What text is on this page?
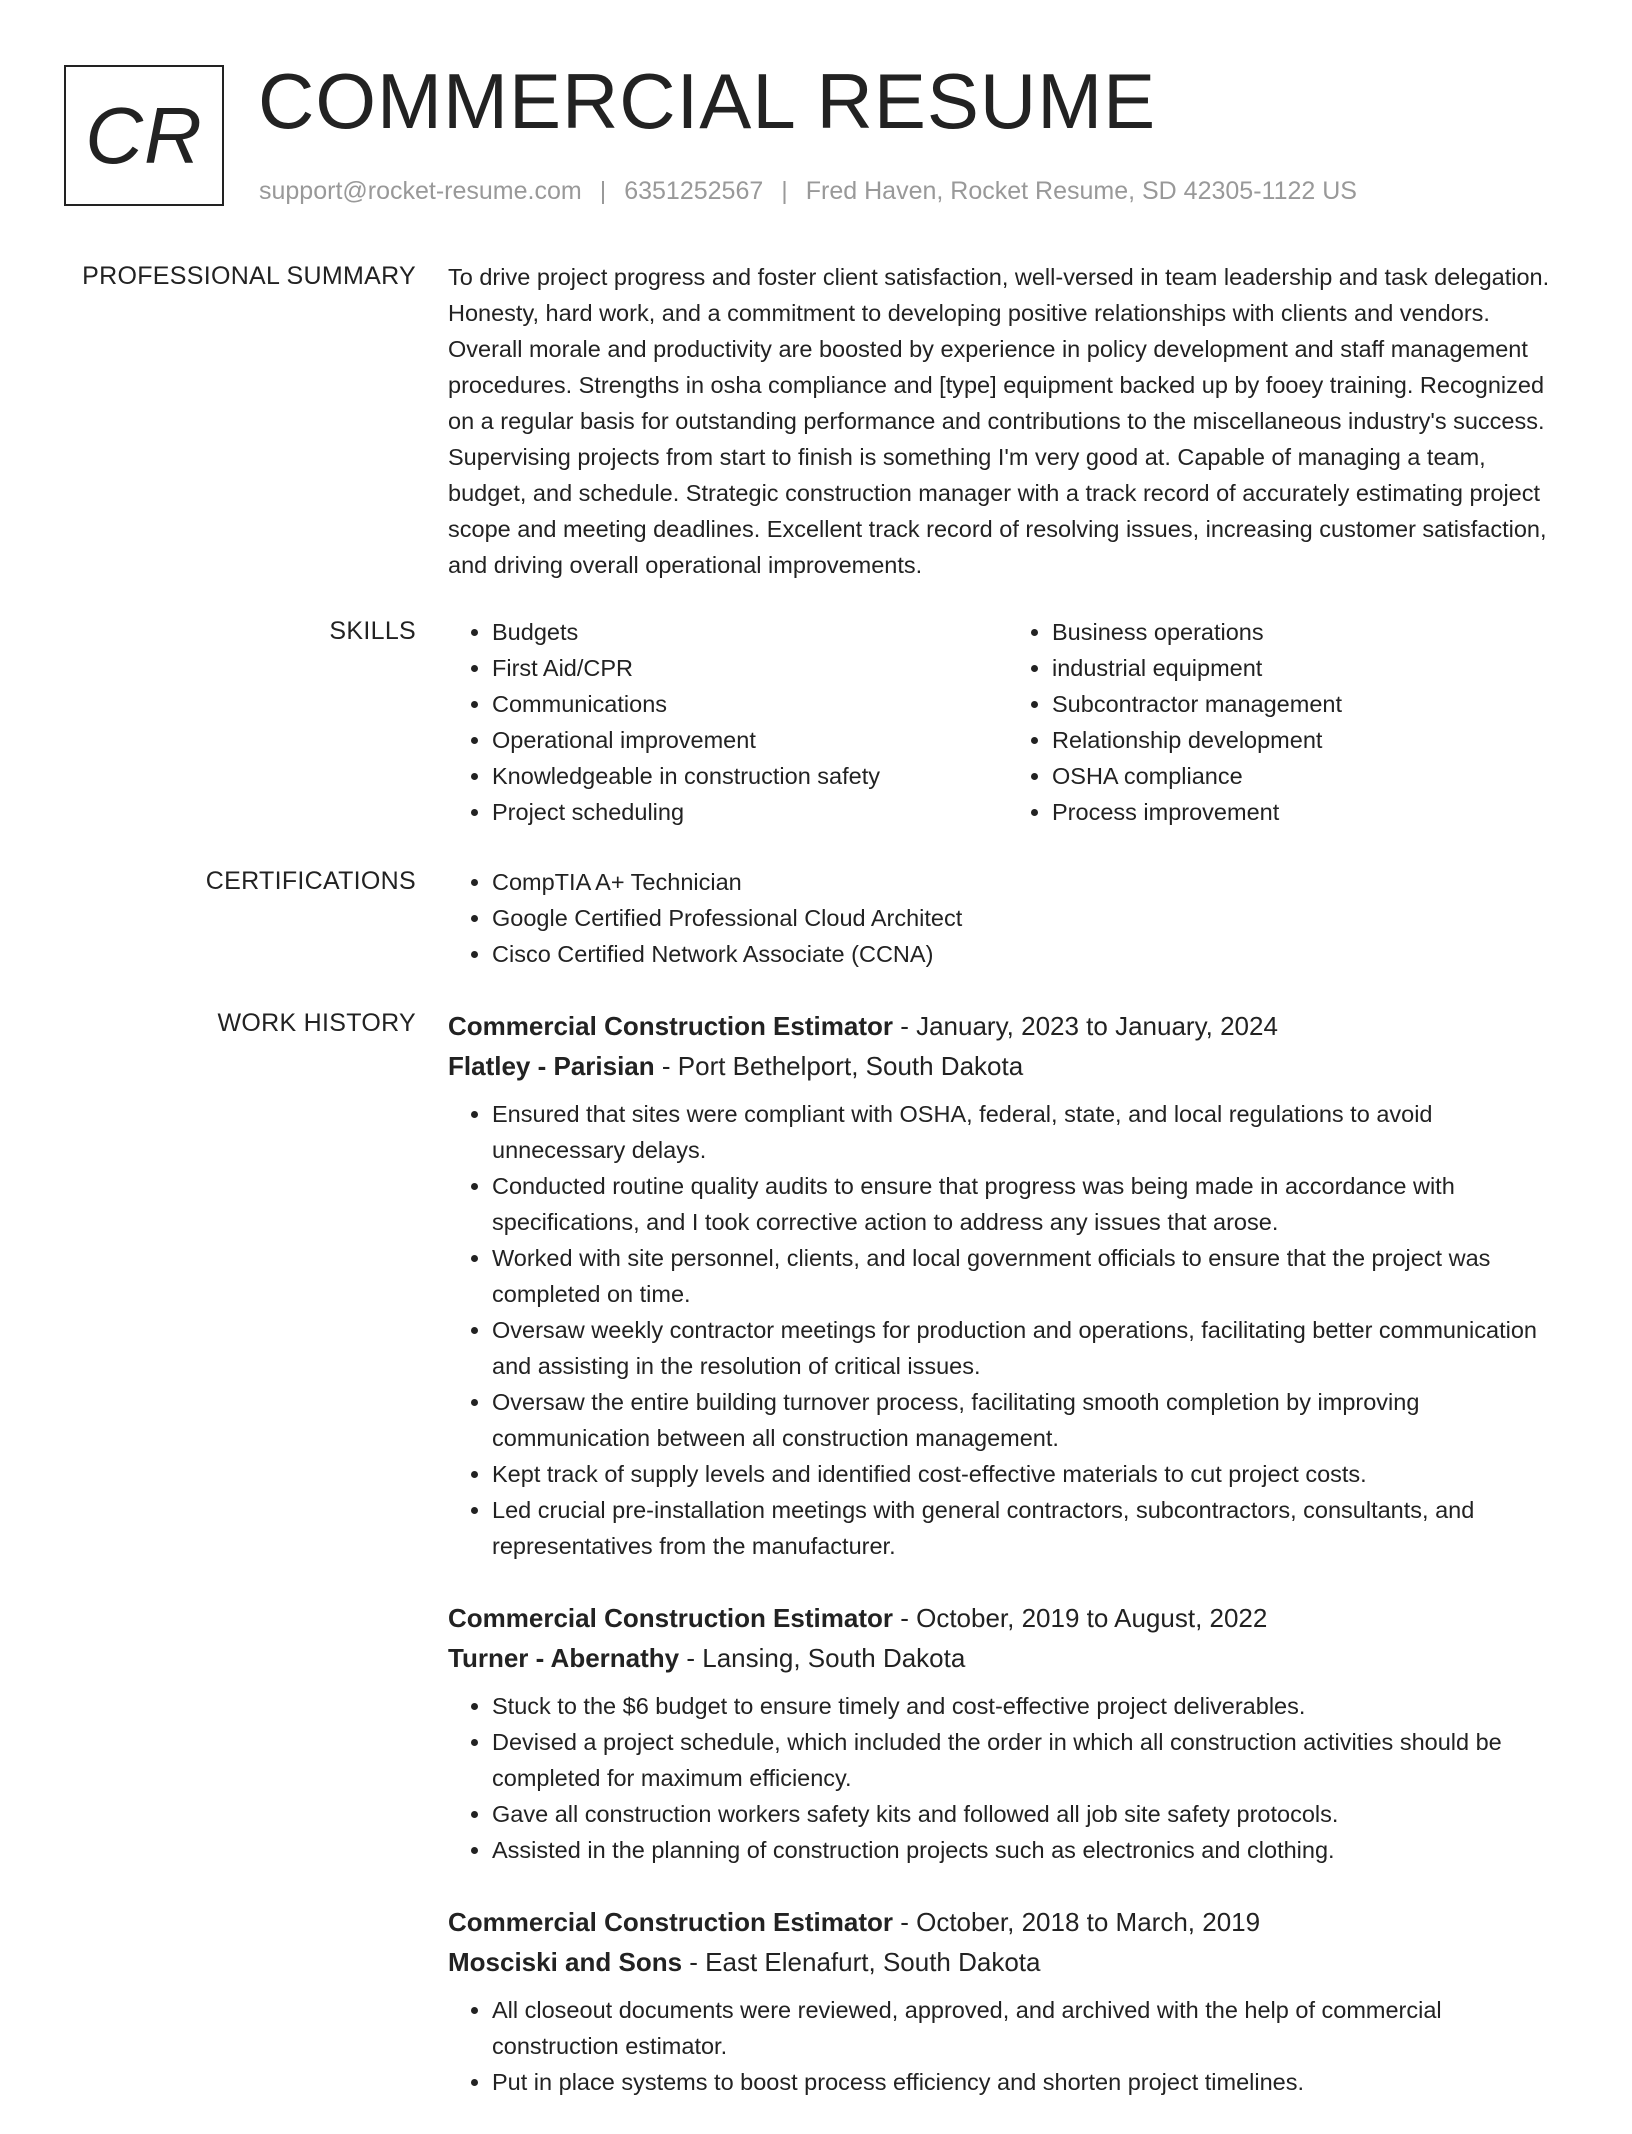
CR COMMERCIAL RESUME
support@rocket-resume.com | 6351252567 | Fred Haven, Rocket Resume, SD 42305-1122 US
PROFESSIONAL SUMMARY To drive project progress and foster client satisfaction, well-versed in team leadership and task delegation. Honesty, hard work, and a commitment to developing positive relationships with clients and vendors. Overall morale and productivity are boosted by experience in policy development and staff management procedures. Strengths in osha compliance and [type] equipment backed up by fooey training. Recognized on a regular basis for outstanding performance and contributions to the miscellaneous industry's success. Supervising projects from start to finish is something I'm very good at. Capable of managing a team, budget, and schedule. Strategic construction manager with a track record of accurately estimating project scope and meeting deadlines. Excellent track record of resolving issues, increasing customer satisfaction, and driving overall operational improvements.

SKILLS	• Budgets
• First Aid/CPR
• Communications
• Operational improvement
• Knowledgeable in construction safety
• Project scheduling
• Business operations
• industrial equipment
• Subcontractor management
• Relationship development
• OSHA compliance
• Process improvement
CERTIFICATIONS	• CompTIA A+ Technician
• Google Certified Professional Cloud Architect
• Cisco Certified Network Associate (CCNA)
WORK HISTORY Commercial Construction Estimator - January, 2023 to January, 2024
Flatley - Parisian - Port Bethelport, South Dakota
• Ensured that sites were compliant with OSHA, federal, state, and local regulations to avoid unnecessary delays.
• Conducted routine quality audits to ensure that progress was being made in accordance with specifications, and I took corrective action to address any issues that arose.
• Worked with site personnel, clients, and local government officials to ensure that the project was completed on time.
• Oversaw weekly contractor meetings for production and operations, facilitating better communication and assisting in the resolution of critical issues.
• Oversaw the entire building turnover process, facilitating smooth completion by improving communication between all construction management.
• Kept track of supply levels and identified cost-effective materials to cut project costs.
• Led crucial pre-installation meetings with general contractors, subcontractors, consultants, and representatives from the manufacturer.
Commercial Construction Estimator - October, 2019 to August, 2022
Turner - Abernathy - Lansing, South Dakota
• Stuck to the $6 budget to ensure timely and cost-effective project deliverables.
• Devised a project schedule, which included the order in which all construction activities should be completed for maximum efficiency.
• Gave all construction workers safety kits and followed all job site safety protocols.
• Assisted in the planning of construction projects such as electronics and clothing.
Commercial Construction Estimator - October, 2018 to March, 2019
Mosciski and Sons - East Elenafurt, South Dakota
• All closeout documents were reviewed, approved, and archived with the help of commercial construction estimator.
• Put in place systems to boost process efficiency and shorten project timelines.
